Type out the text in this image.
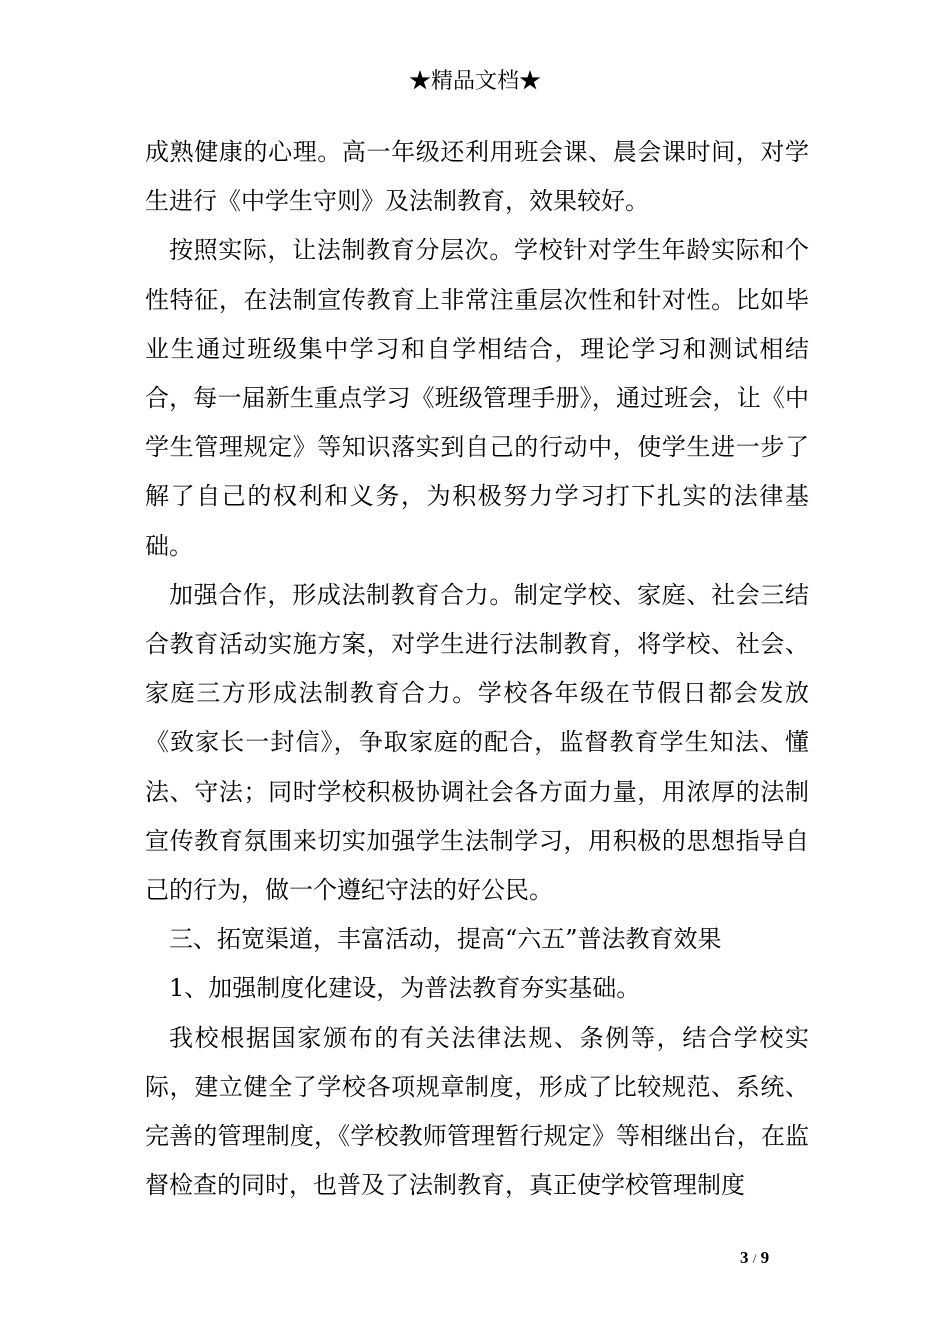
★精品文档★

成熟健康的心理。高一年级还利用班会课、晨会课时间，对学生进行《中学生守则》及法制教育，效果较好。

按照实际，让法制教育分层次。学校针对学生年龄实际和个性特征，在法制宣传教育上非常注重层次性和针对性。比如毕业生通过班级集中学习和自学相结合，理论学习和测试相结合，每一届新生重点学习《班级管理手册》，通过班会，让《中学生管理规定》等知识落实到自己的行动中，使学生进一步了解了自己的权利和义务，为积极努力学习打下扎实的法律基础。

加强合作，形成法制教育合力。制定学校、家庭、社会三结合教育活动实施方案，对学生进行法制教育，将学校、社会、家庭三方形成法制教育合力。学校各年级在节假日都会发放《致家长一封信》，争取家庭的配合，监督教育学生知法、懂法、守法；同时学校积极协调社会各方面力量，用浓厚的法制宣传教育氛围来切实加强学生法制学习，用积极的思想指导自己的行为，做一个遵纪守法的好公民。

三、拓宽渠道，丰富活动，提高“六五”普法教育效果

1、加强制度化建设，为普法教育夯实基础。

我校根据国家颁布的有关法律法规、条例等，结合学校实际，建立健全了学校各项规章制度，形成了比较规范、系统、完善的管理制度，《学校教师管理暂行规定》等相继出台，在监督检查的同时，也普及了法制教育，真正使学校管理制度

3 / 9
